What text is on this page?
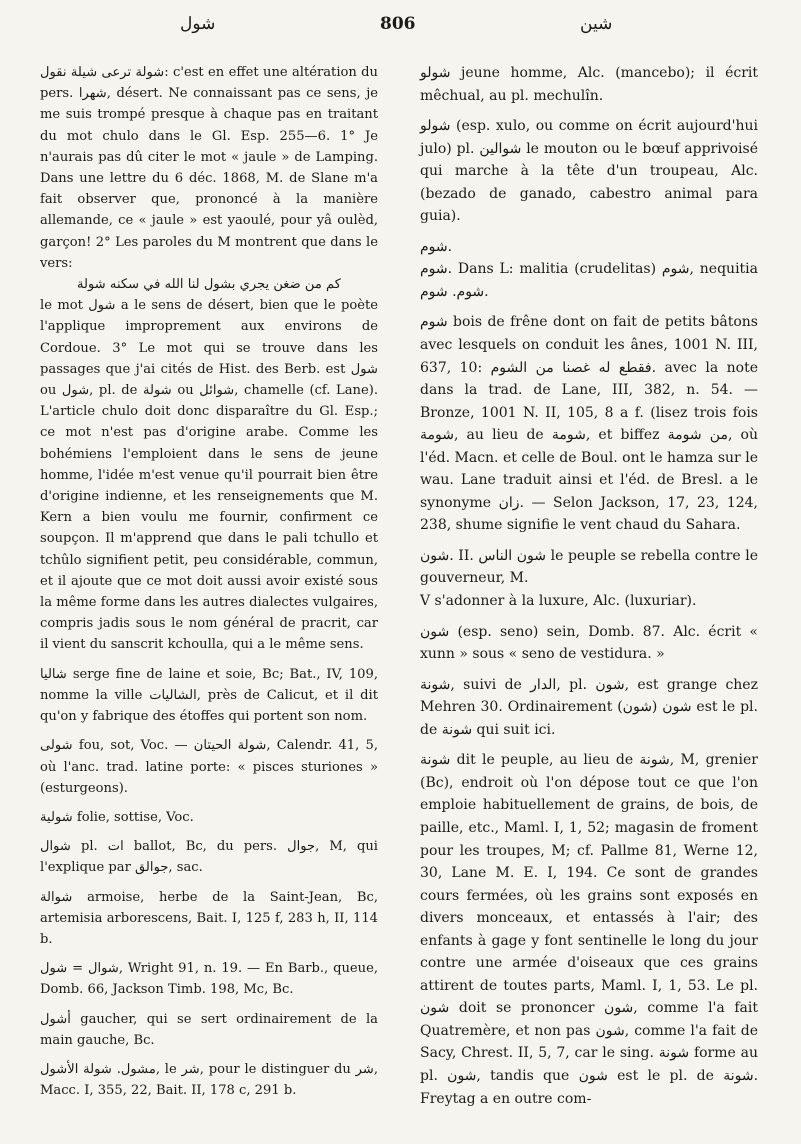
شول	806	شين

شولة ترعى شيلة نقول: c'est en effet une altération du pers. شهرا, désert. Ne connaissant pas ce sens, je me suis trompé presque à chaque pas en traitant du mot chulo dans le Gl. Esp. 255—6. 1° Je n'aurais pas dû citer le mot « jaule » de Lamping. Dans une lettre du 6 déc. 1868, M. de Slane m'a fait observer que, prononcé à la manière allemande, ce « jaule » est yaoulé, pour yâ oulèd, garçon! 2° Les paroles du M montrent que dans le vers:

كم من ضغن يجري بشول لنا الله في سكنه شولة

le mot شول a le sens de désert, bien que le poète l'applique improprement aux environs de Cordoue. 3° Le mot qui se trouve dans les passages que j'ai cités de Hist. des Berb. est شول ou شول, pl. de شولة ou شوائل, chamelle (cf. Lane). L'article chulo doit donc disparaître du Gl. Esp.; ce mot n'est pas d'origine arabe. Comme les bohémiens l'emploient dans le sens de jeune homme, l'idée m'est venue qu'il pourrait bien être d'origine indienne, et les renseignements que M. Kern a bien voulu me fournir, confirment ce soupçon. Il m'apprend que dans le pali tchullo et tchûlo signifient petit, peu considérable, commun, et il ajoute que ce mot doit aussi avoir existé sous la même forme dans les autres dialectes vulgaires, compris jadis sous le nom général de pracrit, car il vient du sanscrit kchoulla, qui a le même sens.

شاليا serge fine de laine et soie, Bc; Bat., IV, 109, nomme la ville الشاليات, près de Calicut, et il dit qu'on y fabrique des étoffes qui portent son nom.

شولی fou, sot, Voc. — شولة الحيتان, Calendr. 41, 5, où l'anc. trad. latine porte: « pisces sturiones » (esturgeons).

شولية folie, sottise, Voc.

شوال pl. ات ballot, Bc, du pers. جوال, M, qui l'explique par جوالق, sac.

شوالة armoise, herbe de la Saint-Jean, Bc, artemisia arborescens, Bait. I, 125 f, 283 h, II, 114 b.

شوال = شول, Wright 91, n. 19. — En Barb., queue, Domb. 66, Jackson Timb. 198, Mc, Bc.

أشول gaucher, qui se sert ordinairement de la main gauche, Bc.

مشول. شولة الأشول, le شر, pour le distinguer du شر, Macc. I, 355, 22, Bait. II, 178 c, 291 b.

شولو jeune homme, Alc. (mancebo); il écrit mêchual, au pl. mechulîn.

شولو (esp. xulo, ou comme on écrit aujourd'hui julo) pl. شوالين le mouton ou le bœuf apprivoisé qui marche à la tête d'un troupeau, Alc. (bezado de ganado, cabestro animal para guia).

شوم.

شوم. Dans L: malitia (crudelitas) شوم, nequitia شوم. شوم.

شوم bois de frêne dont on fait de petits bâtons avec lesquels on conduit les ânes, 1001 N. III, 637, 10: فقطع له غصنا من الشوم. avec la note dans la trad. de Lane, III, 382, n. 54. — Bronze, 1001 N. II, 105, 8 a f. (lisez trois fois شومة, au lieu de شومة, et biffez من شومة, où l'éd. Macn. et celle de Boul. ont le hamza sur le wau. Lane traduit ainsi et l'éd. de Bresl. a le synonyme زان. — Selon Jackson, 17, 23, 124, 238, shume signifie le vent chaud du Sahara.

شون. II. شون الناس le peuple se rebella contre le gouverneur, M.

V s'adonner à la luxure, Alc. (luxuriar).

شون (esp. seno) sein, Domb. 87. Alc. écrit « xunn » sous « seno de vestidura. »

شونة, suivi de الدار, pl. شون, est grange chez Mehren 30. Ordinairement شون (شون) est le pl. de شونة qui suit ici.

شونة dit le peuple, au lieu de شونة, M, grenier (Bc), endroit où l'on dépose tout ce que l'on emploie habituellement de grains, de bois, de paille, etc., Maml. I, 1, 52; magasin de froment pour les troupes, M; cf. Pallme 81, Werne 12, 30, Lane M. E. I, 194. Ce sont de grandes cours fermées, où les grains sont exposés en divers monceaux, et entassés à l'air; des enfants à gage y font sentinelle le long du jour contre une armée d'oiseaux que ces grains attirent de toutes parts, Maml. I, 1, 53. Le pl. شون doit se prononcer شون, comme l'a fait Quatremère, et non pas شون, comme l'a fait de Sacy, Chrest. II, 5, 7, car le sing. شونة forme au pl. شون, tandis que شون est le pl. de شونة. Freytag a en outre com-
